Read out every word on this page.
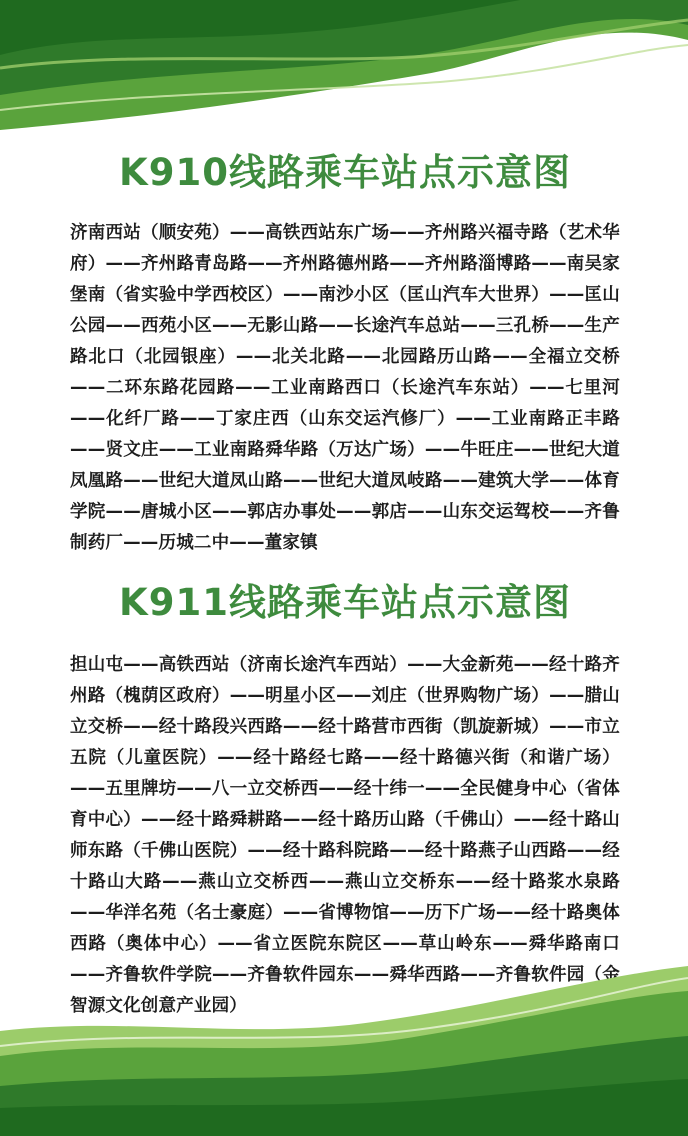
K910线路乘车站点示意图

济南西站（顺安苑）——高铁西站东广场——齐州路兴福寺路（艺术华府）——齐州路青岛路——齐州路德州路——齐州路淄博路——南吴家堡南（省实验中学西校区）——南沙小区（匡山汽车大世界）——匡山公园——西苑小区——无影山路——长途汽车总站——三孔桥——生产路北口（北园银座）——北关北路——北园路历山路——全福立交桥——二环东路花园路——工业南路西口（长途汽车东站）——七里河——化纤厂路——丁家庄西（山东交运汽修厂）——工业南路正丰路——贤文庄——工业南路舜华路（万达广场）——牛旺庄——世纪大道凤凰路——世纪大道凤山路——世纪大道凤岐路——建筑大学——体育学院——唐城小区——郭店办事处——郭店——山东交运驾校——齐鲁制药厂——历城二中——董家镇

K911线路乘车站点示意图

担山屯——高铁西站（济南长途汽车西站）——大金新苑——经十路齐州路（槐荫区政府）——明星小区——刘庄（世界购物广场）——腊山立交桥——经十路段兴西路——经十路营市西街（凯旋新城）——市立五院（儿童医院）——经十路经七路——经十路德兴街（和谐广场）——五里牌坊——八一立交桥西——经十纬一——全民健身中心（省体育中心）——经十路舜耕路——经十路历山路（千佛山）——经十路山师东路（千佛山医院）——经十路科院路——经十路燕子山西路——经十路山大路——燕山立交桥西——燕山立交桥东——经十路浆水泉路——华洋名苑（名士豪庭）——省博物馆——历下广场——经十路奥体西路（奥体中心）——省立医院东院区——草山岭东——舜华路南口——齐鲁软件学院——齐鲁软件园东——舜华西路——齐鲁软件园（金智源文化创意产业园）
